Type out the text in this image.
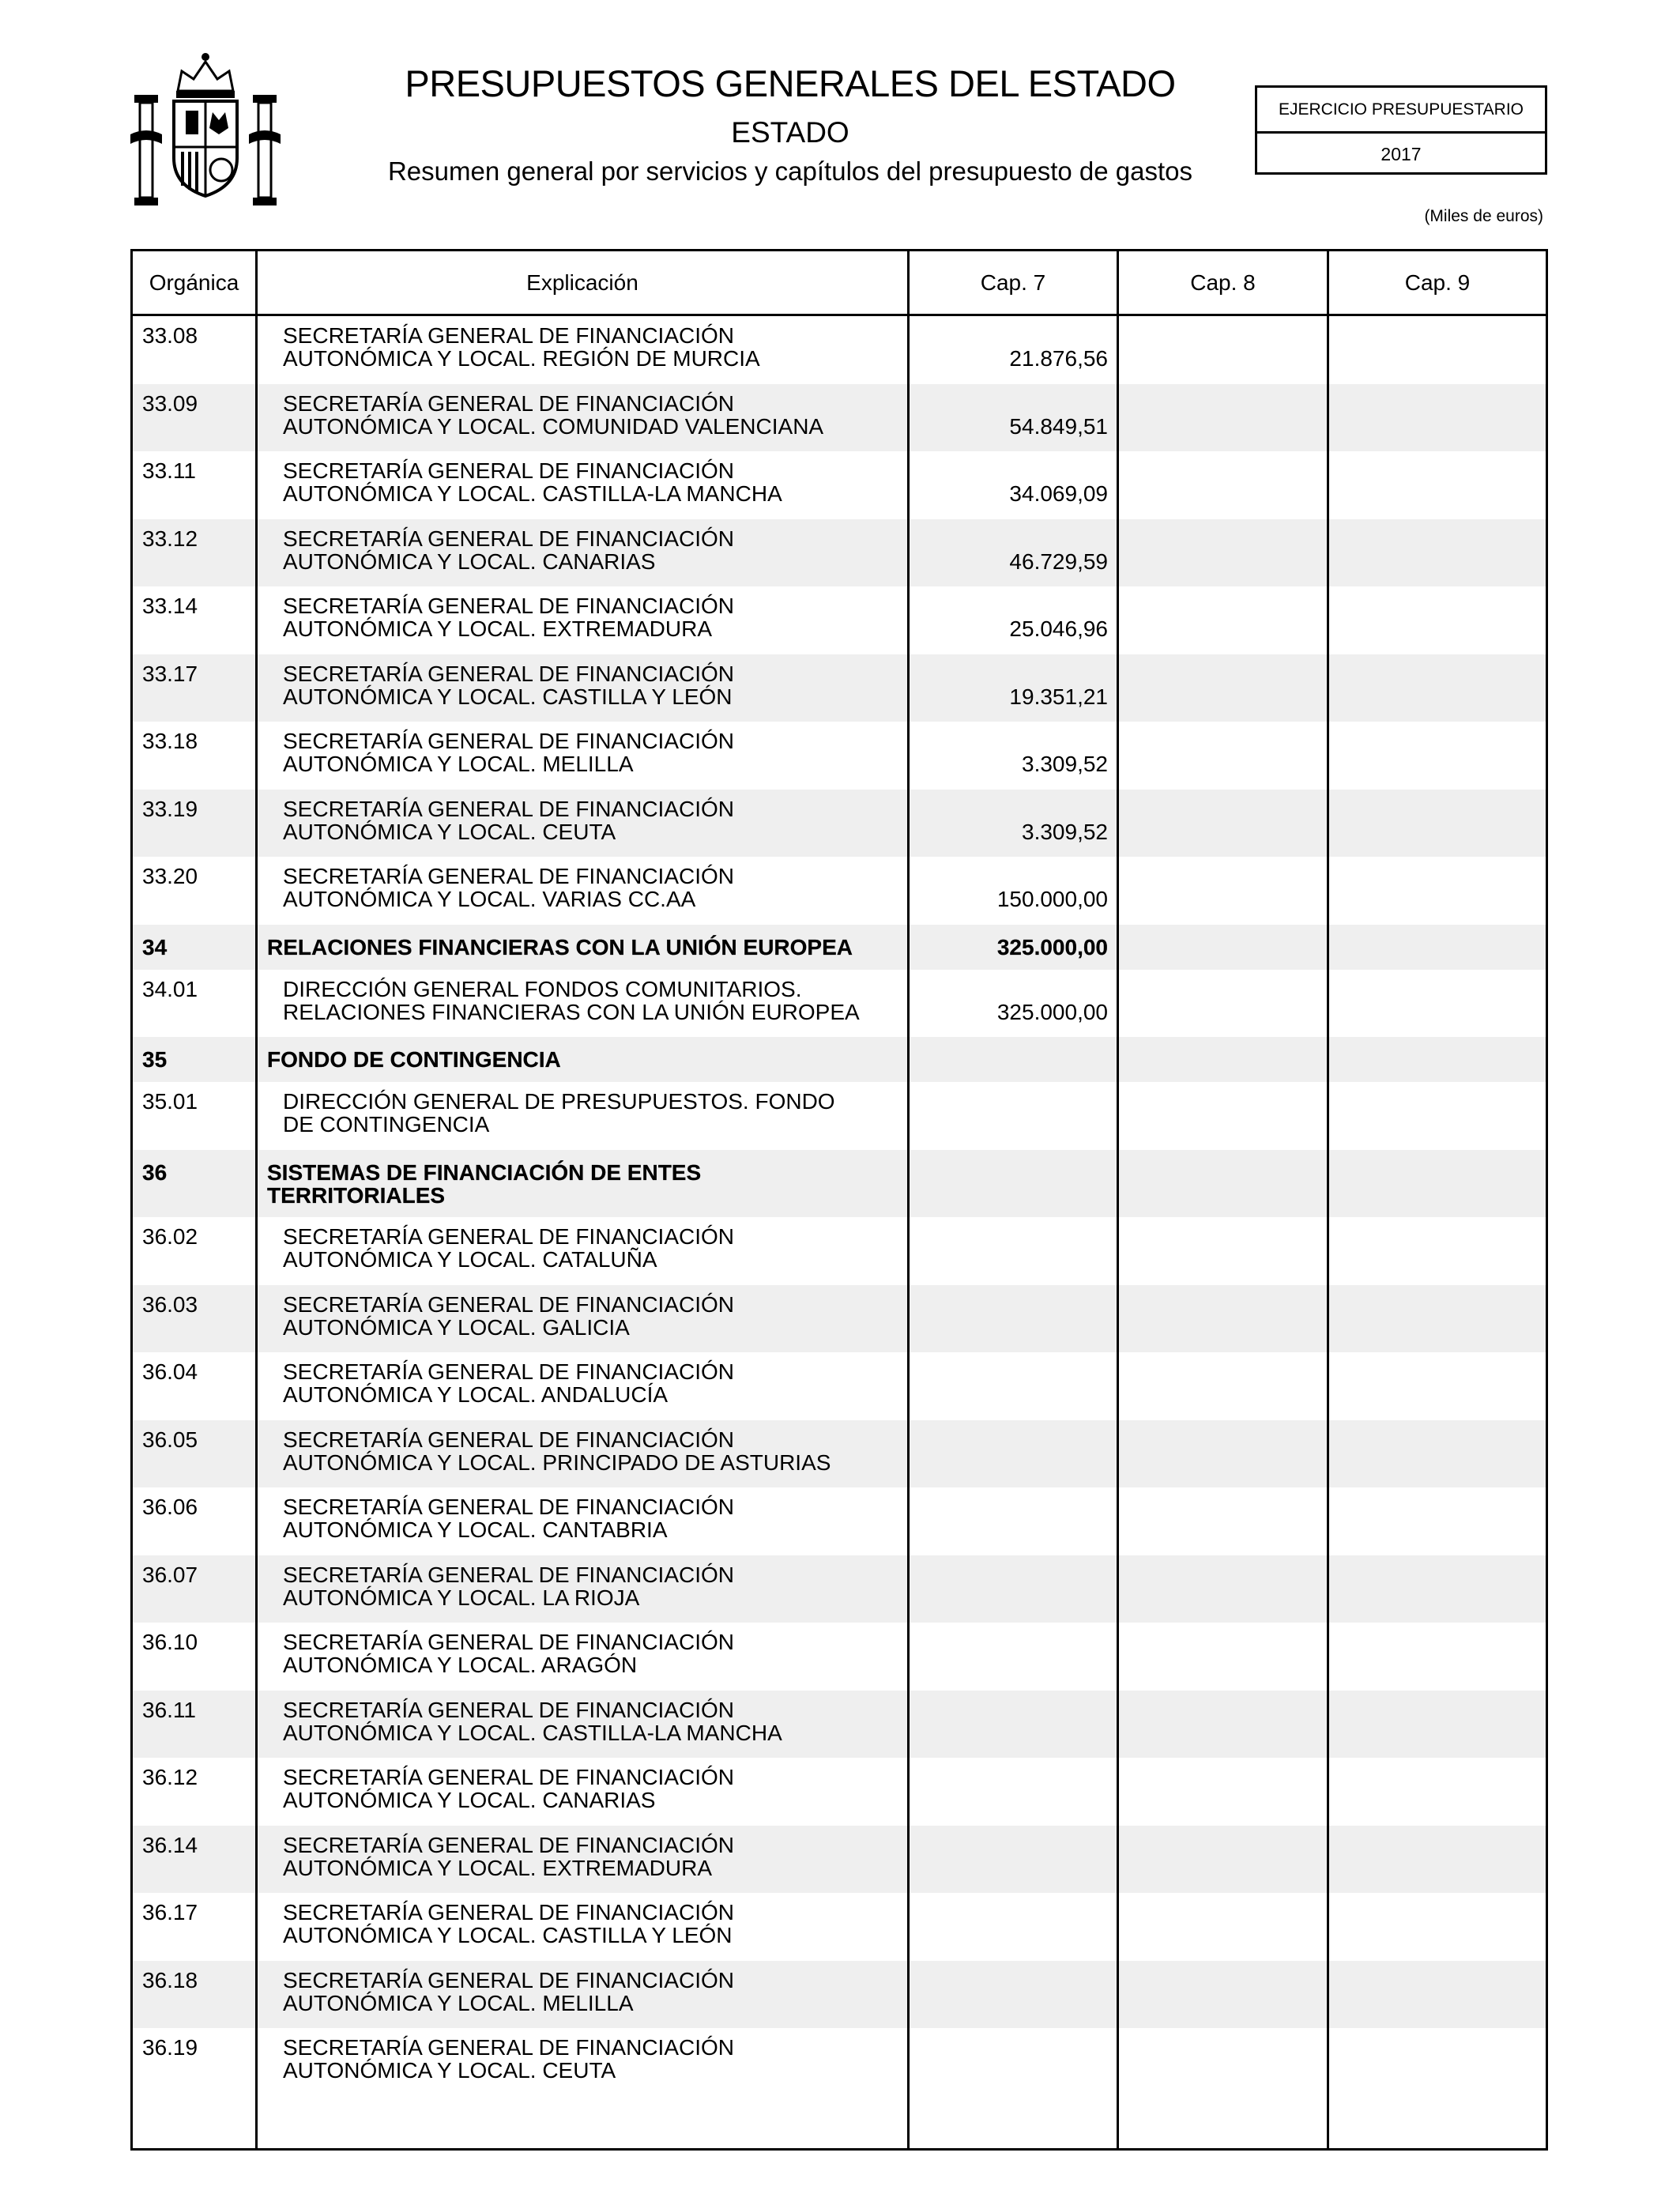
PRESUPUESTOS GENERALES DEL ESTADO
ESTADO
Resumen general por servicios y capítulos del presupuesto de gastos
EJERCICIO PRESUPUESTARIO
2017
(Miles de euros)
Orgánica	Explicación	Cap. 7	Cap. 8	Cap. 9
33.08	SECRETARÍA GENERAL DE FINANCIACIÓN
AUTONÓMICA Y LOCAL. REGIÓN DE MURCIA	21.876,56
33.09	SECRETARÍA GENERAL DE FINANCIACIÓN
AUTONÓMICA Y LOCAL. COMUNIDAD VALENCIANA	54.849,51
33.11	SECRETARÍA GENERAL DE FINANCIACIÓN
AUTONÓMICA Y LOCAL. CASTILLA-LA MANCHA	34.069,09
33.12	SECRETARÍA GENERAL DE FINANCIACIÓN
AUTONÓMICA Y LOCAL. CANARIAS	46.729,59
33.14	SECRETARÍA GENERAL DE FINANCIACIÓN
AUTONÓMICA Y LOCAL. EXTREMADURA	25.046,96
33.17	SECRETARÍA GENERAL DE FINANCIACIÓN
AUTONÓMICA Y LOCAL. CASTILLA Y LEÓN	19.351,21
33.18	SECRETARÍA GENERAL DE FINANCIACIÓN
AUTONÓMICA Y LOCAL. MELILLA	3.309,52
33.19	SECRETARÍA GENERAL DE FINANCIACIÓN
AUTONÓMICA Y LOCAL. CEUTA	3.309,52
33.20	SECRETARÍA GENERAL DE FINANCIACIÓN
AUTONÓMICA Y LOCAL. VARIAS CC.AA	150.000,00
34	RELACIONES FINANCIERAS CON LA UNIÓN EUROPEA	325.000,00
34.01	DIRECCIÓN GENERAL FONDOS COMUNITARIOS.
RELACIONES FINANCIERAS CON LA UNIÓN EUROPEA	325.000,00
35	FONDO DE CONTINGENCIA
35.01	DIRECCIÓN GENERAL DE PRESUPUESTOS. FONDO
DE CONTINGENCIA
36	SISTEMAS DE FINANCIACIÓN DE ENTES
TERRITORIALES
36.02	SECRETARÍA GENERAL DE FINANCIACIÓN
AUTONÓMICA Y LOCAL. CATALUÑA
36.03	SECRETARÍA GENERAL DE FINANCIACIÓN
AUTONÓMICA Y LOCAL. GALICIA
36.04	SECRETARÍA GENERAL DE FINANCIACIÓN
AUTONÓMICA Y LOCAL. ANDALUCÍA
36.05	SECRETARÍA GENERAL DE FINANCIACIÓN
AUTONÓMICA Y LOCAL. PRINCIPADO DE ASTURIAS
36.06	SECRETARÍA GENERAL DE FINANCIACIÓN
AUTONÓMICA Y LOCAL. CANTABRIA
36.07	SECRETARÍA GENERAL DE FINANCIACIÓN
AUTONÓMICA Y LOCAL. LA RIOJA
36.10	SECRETARÍA GENERAL DE FINANCIACIÓN
AUTONÓMICA Y LOCAL. ARAGÓN
36.11	SECRETARÍA GENERAL DE FINANCIACIÓN
AUTONÓMICA Y LOCAL. CASTILLA-LA MANCHA
36.12	SECRETARÍA GENERAL DE FINANCIACIÓN
AUTONÓMICA Y LOCAL. CANARIAS
36.14	SECRETARÍA GENERAL DE FINANCIACIÓN
AUTONÓMICA Y LOCAL. EXTREMADURA
36.17	SECRETARÍA GENERAL DE FINANCIACIÓN
AUTONÓMICA Y LOCAL. CASTILLA Y LEÓN
36.18	SECRETARÍA GENERAL DE FINANCIACIÓN
AUTONÓMICA Y LOCAL. MELILLA
36.19	SECRETARÍA GENERAL DE FINANCIACIÓN
AUTONÓMICA Y LOCAL. CEUTA
